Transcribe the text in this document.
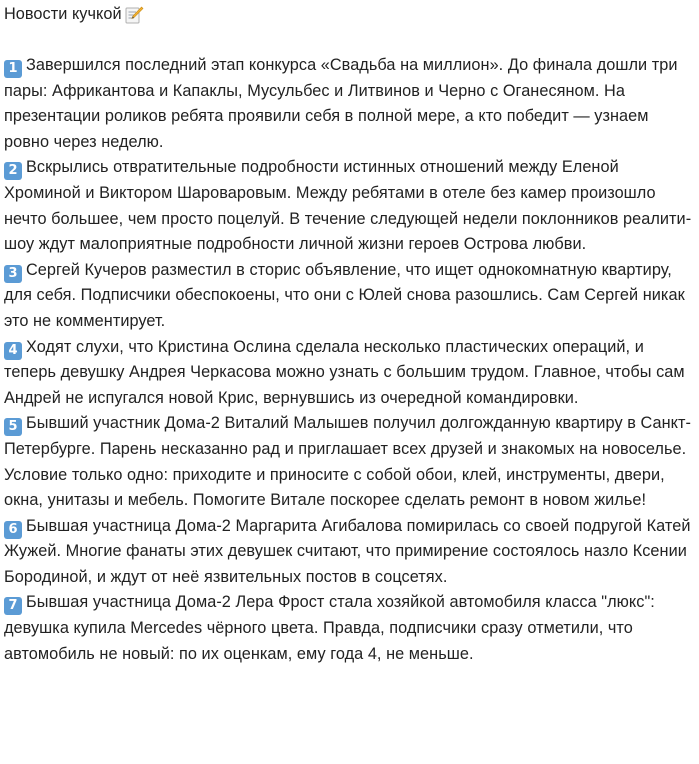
Новости кучкой
1 Завершился последний этап конкурса «Свадьба на миллион». До финала дошли три пары: Африкантова и Капаклы, Мусульбес и Литвинов и Черно с Оганесяном. На презентации роликов ребята проявили себя в полной мере, а кто победит — узнаем ровно через неделю.
2 Вскрылись отвратительные подробности истинных отношений между Еленой Хроминой и Виктором Шароваровым. Между ребятами в отеле без камер произошло нечто большее, чем просто поцелуй. В течение следующей недели поклонников реалити-шоу ждут малоприятные подробности личной жизни героев Острова любви.
3 Сергей Кучеров разместил в сторис объявление, что ищет однокомнатную квартиру, для себя. Подписчики обеспокоены, что они с Юлей снова разошлись. Сам Сергей никак это не комментирует.
4 Ходят слухи, что Кристина Ослина сделала несколько пластических операций, и теперь девушку Андрея Черкасова можно узнать с большим трудом. Главное, чтобы сам Андрей не испугался новой Крис, вернувшись из очередной командировки.
5 Бывший участник Дома-2 Виталий Малышев получил долгожданную квартиру в Санкт-Петербурге. Парень несказанно рад и приглашает всех друзей и знакомых на новоселье. Условие только одно: приходите и приносите с собой обои, клей, инструменты, двери, окна, унитазы и мебель. Помогите Витале поскорее сделать ремонт в новом жилье!
6 Бывшая участница Дома-2 Маргарита Агибалова помирилась со своей подругой Катей Жужей. Многие фанаты этих девушек считают, что примирение состоялось назло Ксении Бородиной, и ждут от неё язвительных постов в соцсетях.
7 Бывшая участница Дома-2 Лера Фрост стала хозяйкой автомобиля класса "люкс": девушка купила Mercedes чёрного цвета. Правда, подписчики сразу отметили, что автомобиль не новый: по их оценкам, ему года 4, не меньше.
